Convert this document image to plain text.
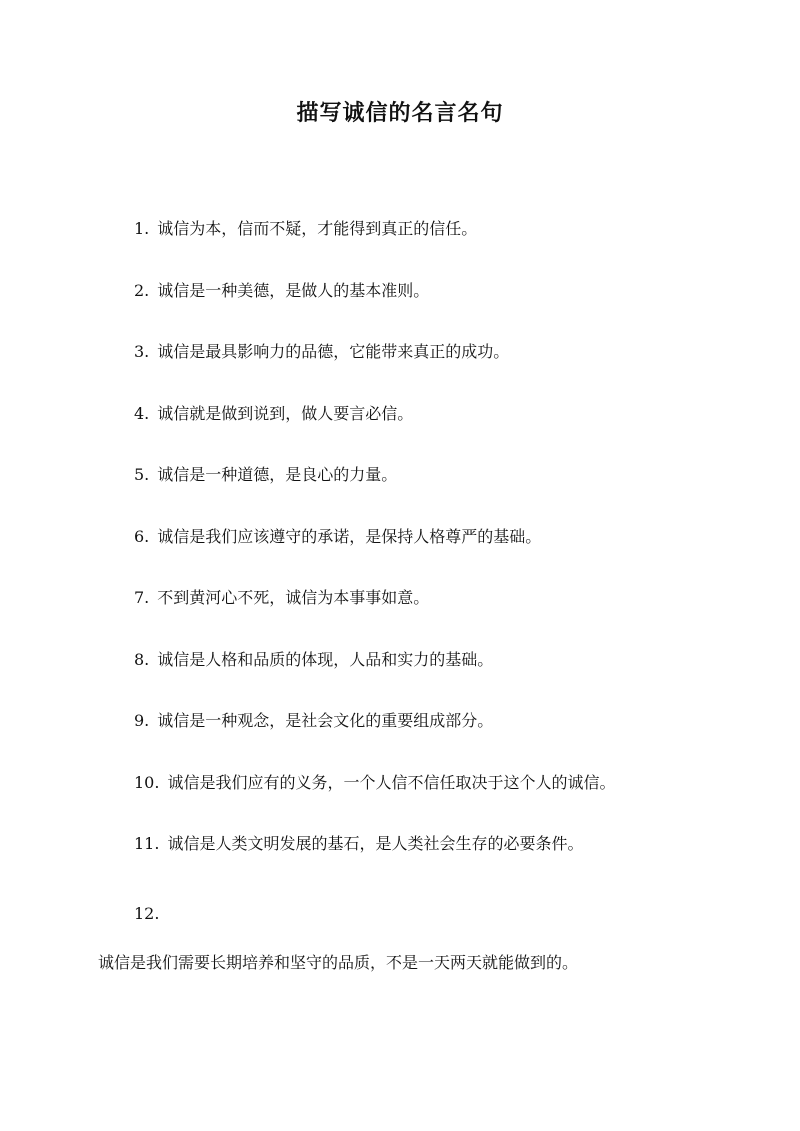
描写诚信的名言名句
1. 诚信为本，信而不疑，才能得到真正的信任。
2. 诚信是一种美德，是做人的基本准则。
3. 诚信是最具影响力的品德，它能带来真正的成功。
4. 诚信就是做到说到，做人要言必信。
5. 诚信是一种道德，是良心的力量。
6. 诚信是我们应该遵守的承诺，是保持人格尊严的基础。
7. 不到黄河心不死，诚信为本事事如意。
8. 诚信是人格和品质的体现，人品和实力的基础。
9. 诚信是一种观念，是社会文化的重要组成部分。
10. 诚信是我们应有的义务，一个人信不信任取决于这个人的诚信。
11. 诚信是人类文明发展的基石，是人类社会生存的必要条件。
12.
诚信是我们需要长期培养和坚守的品质，不是一天两天就能做到的。
